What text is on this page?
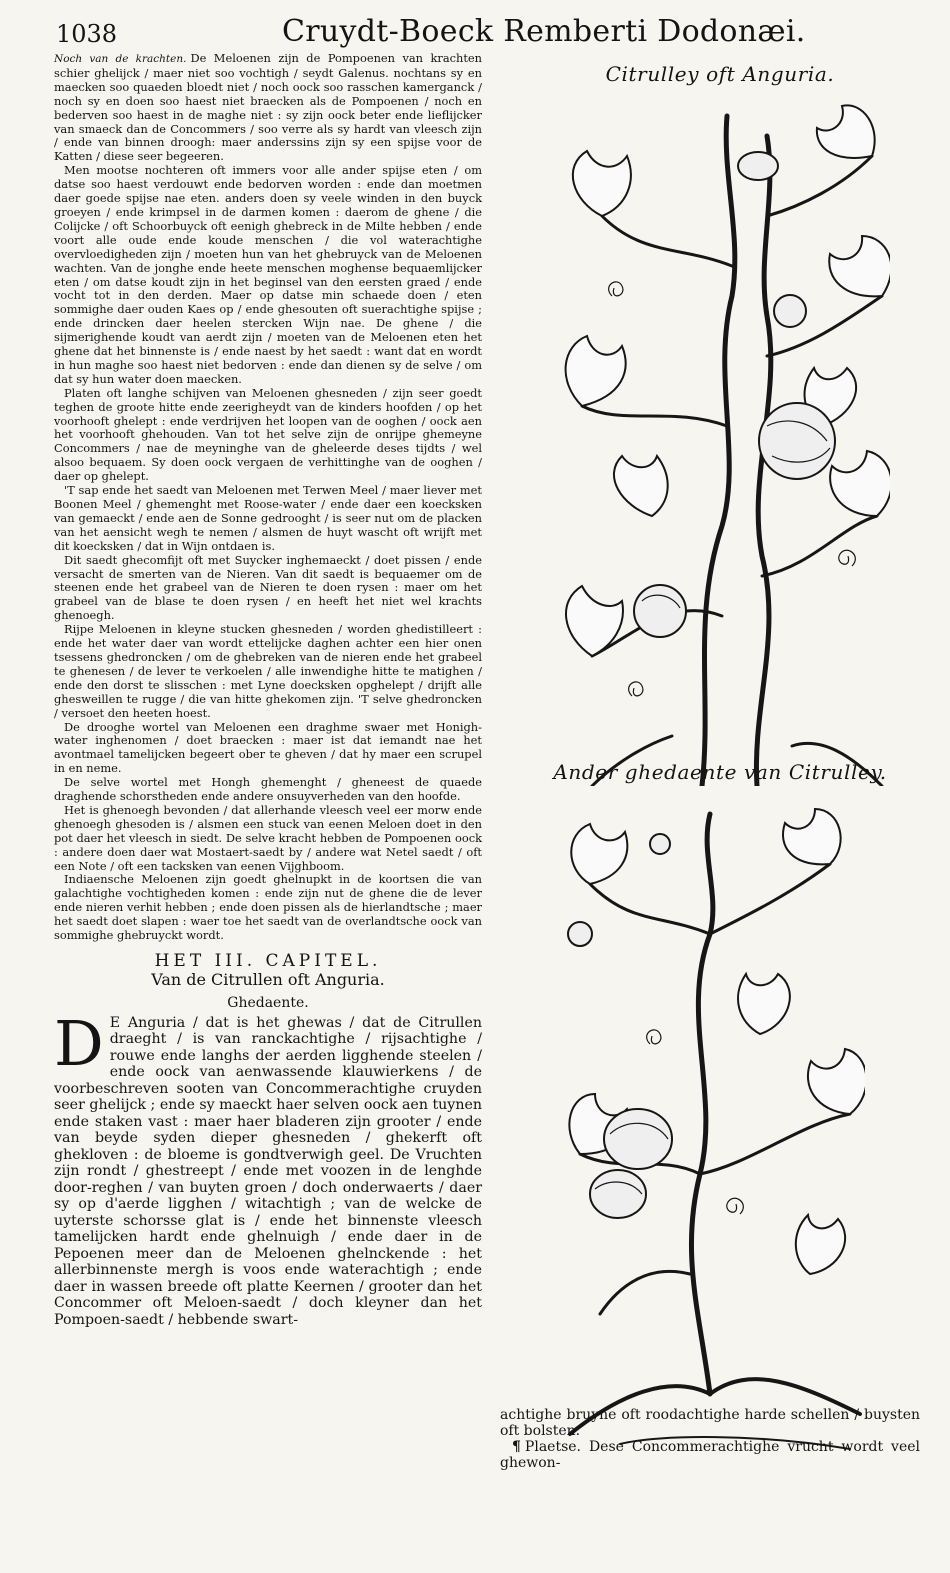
1038	Cruydt-Boeck Remberti Dodonæi.

Noch van de krachten. De Meloenen zijn de Pompoenen van krachten schier ghelijck / maer niet soo vochtigh / seydt Galenus. nochtans sy en maecken soo quaeden bloedt niet / noch oock soo rasschen kamerganck / noch sy en doen soo haest niet braecken als de Pompoenen / noch en bederven soo haest in de maghe niet : sy zijn oock beter ende lieflijcker van smaeck dan de Concommers / soo verre als sy hardt van vleesch zijn / ende van binnen droogh: maer anderssins zijn sy een spijse voor de Katten / diese seer begeeren.

Men mootse nochteren oft immers voor alle ander spijse eten / om datse soo haest verdouwt ende bedorven worden : ende dan moetmen daer goede spijse nae eten. anders doen sy veele winden in den buyck groeyen / ende krimpsel in de darmen komen : daerom de ghene / die Colijcke / oft Schoorbuyck oft eenigh ghebreck in de Milte hebben / ende voort alle oude ende koude menschen / die vol waterachtighe overvloedigheden zijn / moeten hun van het ghebruyck van de Meloenen wachten. Van de jonghe ende heete menschen moghense bequaemlijcker eten / om datse koudt zijn in het beginsel van den eersten graed / ende vocht tot in den derden. Maer op datse min schaede doen / eten sommighe daer ouden Kaes op / ende ghesouten oft suerachtighe spijse ; ende drincken daer heelen stercken Wijn nae. De ghene / die sijmerighende koudt van aerdt zijn / moeten van de Meloenen eten het ghene dat het binnenste is / ende naest by het saedt : want dat en wordt in hun maghe soo haest niet bedorven : ende dan dienen sy de selve / om dat sy hun water doen maecken.

Platen oft langhe schijven van Meloenen ghesneden / zijn seer goedt teghen de groote hitte ende zeerigheydt van de kinders hoofden / op het voorhooft ghelept : ende verdrijven het loopen van de ooghen / oock aen het voorhooft ghehouden. Van tot het selve zijn de onrijpe ghemeyne Concommers / nae de meyninghe van de gheleerde deses tijdts / wel alsoo bequaem. Sy doen oock vergaen de verhittinghe van de ooghen / daer op ghelept.

'T sap ende het saedt van Meloenen met Terwen Meel / maer liever met Boonen Meel / ghemenght met Roose-water / ende daer een koecksken van gemaeckt / ende aen de Sonne gedrooght / is seer nut om de placken van het aensicht wegh te nemen / alsmen de huyt wascht oft wrijft met dit koecksken / dat in Wijn ontdaen is.

Dit saedt ghecomfijt oft met Suycker inghemaeckt / doet pissen / ende versacht de smerten van de Nieren. Van dit saedt is bequaemer om de steenen ende het grabeel van de Nieren te doen rysen : maer om het grabeel van de blase te doen rysen / en heeft het niet wel krachts ghenoegh.

Rijpe Meloenen in kleyne stucken ghesneden / worden ghedistilleert : ende het water daer van wordt ettelijcke daghen achter een hier onen tsessens ghedroncken / om de ghebreken van de nieren ende het grabeel te ghenesen / de lever te verkoelen / alle inwendighe hitte te matighen / ende den dorst te slisschen : met Lyne doecksken opghelept / drijft alle ghesweillen te rugge / die van hitte ghekomen zijn. 'T selve ghedroncken / versoet den heeten hoest.

De drooghe wortel van Meloenen een draghme swaer met Honigh-water inghenomen / doet braecken : maer ist dat iemandt nae het avontmael tamelijcken begeert ober te gheven / dat hy maer een scrupel in en neme.

De selve wortel met Hongh ghemenght / gheneest de quaede draghende schorstheden ende andere onsuyverheden van den hoofde.

Het is ghenoegh bevonden / dat allerhande vleesch veel eer morw ende ghenoegh ghesoden is / alsmen een stuck van eenen Meloen doet in den pot daer het vleesch in siedt. De selve kracht hebben de Pompoenen oock : andere doen daer wat Mostaert-saedt by / andere wat Netel saedt / oft een Note / oft een tacksken van eenen Vijghboom.

Indiaensche Meloenen zijn goedt ghelnupkt in de koortsen die van galachtighe vochtigheden komen : ende zijn nut de ghene die de lever ende nieren verhit hebben ; ende doen pissen als de hierlandtsche ; maer het saedt doet slapen : waer toe het saedt van de overlandtsche oock van sommighe ghebruyckt wordt.

HET III. CAPITEL.
Van de Citrullen oft Anguria.
Ghedaente.
D E Anguria / dat is het ghewas / dat de Citrullen draeght / is van ranckachtighe / rijsachtighe / rouwe ende langhs der aerden ligghende steelen / ende oock van aenwassende klauwierkens / de voorbeschreven sooten van Concommerachtighe cruyden seer ghelijck ; ende sy maeckt haer selven oock aen tuynen ende staken vast : maer haer bladeren zijn grooter / ende van beyde syden dieper ghesneden / ghekerft oft ghekloven : de bloeme is gondtverwigh geel. De Vruchten zijn rondt / ghestreept / ende met voozen in de lenghde door-reghen / van buyten groen / doch onderwaerts / daer sy op d'aerde ligghen / witachtigh ; van de welcke de uyterste schorsse glat is / ende het binnenste vleesch tamelijcken hardt ende ghelnuigh / ende daer in de Pepoenen meer dan de Meloenen ghelnckende : het allerbinnenste mergh is voos ende waterachtigh ; ende daer in wassen breede oft platte Keernen / grooter dan het Concommer oft Meloen-saedt / doch kleyner dan het Pompoen-saedt / hebbende swart-
Citrulley oft Anguria.
Ander ghedaente van Citrulley.

achtighe bruyne oft roodachtighe harde schellen / buysten oft bolsten.

¶ Plaetse. Dese Concommerachtighe vrucht wordt veel ghewon-
